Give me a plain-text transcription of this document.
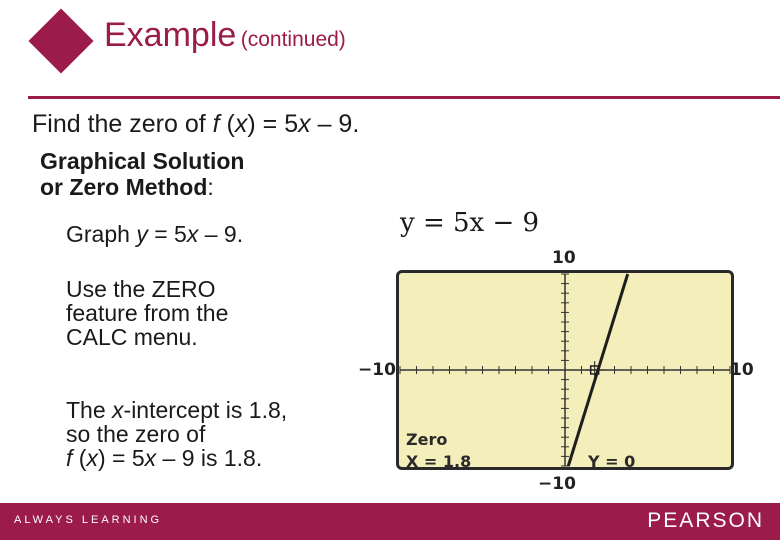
Example (continued)
Find the zero of f (x) = 5x – 9.
Graphical Solution
or Zero Method:
Graph y = 5x – 9.
Use the ZERO
feature from the
CALC menu.
The x-intercept is 1.8,
so the zero of
f (x) = 5x – 9 is 1.8.
y = 5x − 9
10
−10
−10	10
Zero
X = 1.8	Y = 0
ALWAYS LEARNING	PEARSON
